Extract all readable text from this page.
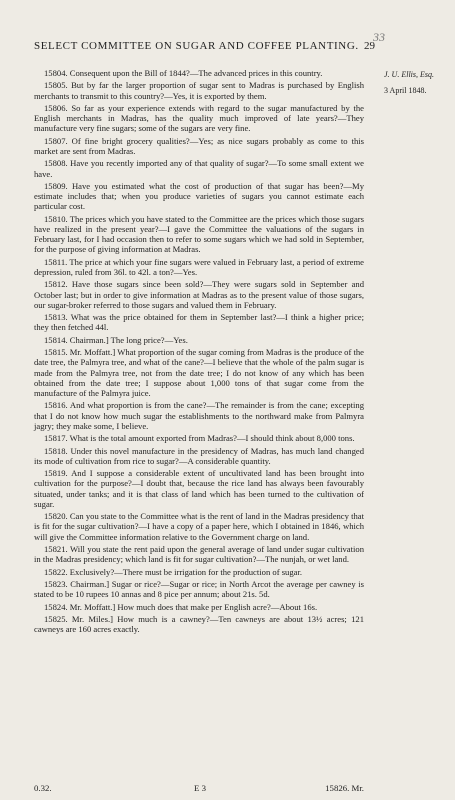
33
SELECT COMMITTEE ON SUGAR AND COFFEE PLANTING. 29
J. U. Ellis, Esq.
3 April 1848.

15804. Consequent upon the Bill of 1844?—The advanced prices in this country.

15805. But by far the larger proportion of sugar sent to Madras is purchased by English merchants to transmit to this country?—Yes, it is exported by them.

15806. So far as your experience extends with regard to the sugar manufactured by the English merchants in Madras, has the quality much improved of late years?—They manufacture very fine sugars; some of the sugars are very fine.

15807. Of fine bright grocery qualities?—Yes; as nice sugars probably as come to this market are sent from Madras.

15808. Have you recently imported any of that quality of sugar?—To some small extent we have.

15809. Have you estimated what the cost of production of that sugar has been?—My estimate includes that; when you produce varieties of sugars you cannot estimate each particular cost.

15810. The prices which you have stated to the Committee are the prices which those sugars have realized in the present year?—I gave the Committee the valuations of the sugars in February last, for I had occasion then to refer to some sugars which we had sold in September, for the purpose of giving information at Madras.

15811. The price at which your fine sugars were valued in February last, a period of extreme depression, ruled from 36l. to 42l. a ton?—Yes.

15812. Have those sugars since been sold?—They were sugars sold in September and October last; but in order to give information at Madras as to the present value of those sugars, our sugar-broker referred to those sugars and valued them in February.

15813. What was the price obtained for them in September last?—I think a higher price; they then fetched 44l.

15814. Chairman.] The long price?—Yes.

15815. Mr. Moffatt.] What proportion of the sugar coming from Madras is the produce of the date tree, the Palmyra tree, and what of the cane?—I believe that the whole of the palm sugar is made from the Palmyra tree, not from the date tree; I do not know of any which has been obtained from the date tree; I suppose about 1,000 tons of that sugar come from the manufacture of the Palmyra juice.

15816. And what proportion is from the cane?—The remainder is from the cane; excepting that I do not know how much sugar the establishments to the northward make from Palmyra jagry; they make some, I believe.

15817. What is the total amount exported from Madras?—I should think about 8,000 tons.

15818. Under this novel manufacture in the presidency of Madras, has much land changed its mode of cultivation from rice to sugar?—A considerable quantity.

15819. And I suppose a considerable extent of uncultivated land has been brought into cultivation for the purpose?—I doubt that, because the rice land has always been favourably situated, under tanks; and it is that class of land which has been turned to the cultivation of sugar.

15820. Can you state to the Committee what is the rent of land in the Madras presidency that is fit for the sugar cultivation?—I have a copy of a paper here, which I obtained in 1846, which will give the Committee information relative to the Government charge on land.

15821. Will you state the rent paid upon the general average of land under sugar cultivation in the Madras presidency; which land is fit for sugar cultivation?—The nunjah, or wet land.

15822. Exclusively?—There must be irrigation for the production of sugar.

15823. Chairman.] Sugar or rice?—Sugar or rice; in North Arcot the average per cawney is stated to be 10 rupees 10 annas and 8 pice per annum; about 21s. 5d.

15824. Mr. Moffatt.] How much does that make per English acre?—About 16s.

15825. Mr. Miles.] How much is a cawney?—Ten cawneys are about 13½ acres; 121 cawneys are 160 acres exactly.

0.32.	E 3	15826. Mr.
